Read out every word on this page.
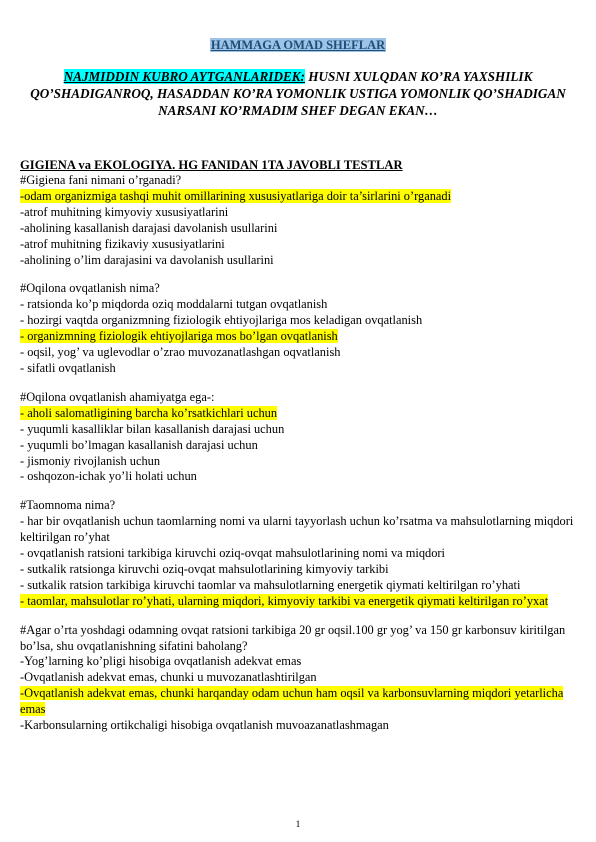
HAMMAGA OMAD SHEFLAR

NAJMIDDIN KUBRO AYTGANLARIDEK: HUSNI XULQDAN KO’RA YAXSHILIK QO’SHADIGANROQ, HASADDAN KO’RA YOMONLIK USTIGA YOMONLIK QO’SHADIGAN NARSANI KO’RMADIM SHEF DEGAN EKAN…

GIGIENA va EKOLOGIYA. HG FANIDAN 1TA JAVOBLI TESTLAR
#Gigiena fani nimani o’rganadi?
-odam organizmiga tashqi muhit omillarining xususiyatlariga doir ta’sirlarini o’rganadi
-atrof muhitning kimyoviy xususiyatlarini
-aholining kasallanish darajasi davolanish usullarini
-atrof muhitning fizikaviy xususiyatlarini
-aholining o’lim darajasini va davolanish usullarini
#Oqilona ovqatlanish nima?
- ratsionda ko’p miqdorda oziq moddalarni tutgan ovqatlanish
- hozirgi vaqtda organizmning fiziologik ehtiyojlariga mos keladigan ovqatlanish
- organizmning fiziologik ehtiyojlariga mos bo’lgan ovqatlanish
- oqsil, yog’ va uglevodlar o’zrao muvozanatlashgan oqvatlanish
- sifatli ovqatlanish
#Oqilona ovqatlanish ahamiyatga ega-:
- aholi salomatligining barcha ko’rsatkichlari uchun
- yuqumli kasalliklar bilan kasallanish darajasi uchun
- yuqumli bo’lmagan kasallanish darajasi uchun
- jismoniy rivojlanish uchun
- oshqozon-ichak yo’li holati uchun
#Taomnoma nima?
- har bir ovqatlanish uchun taomlarning nomi va ularni tayyorlash uchun ko’rsatma va mahsulotlarning miqdori keltirilgan ro’yhat
- ovqatlanish ratsioni tarkibiga kiruvchi oziq-ovqat mahsulotlarining nomi va miqdori
- sutkalik ratsionga kiruvchi oziq-ovqat mahsulotlarining kimyoviy tarkibi
- sutkalik ratsion tarkibiga kiruvchi taomlar va mahsulotlarning energetik qiymati keltirilgan ro’yhati
- taomlar, mahsulotlar ro’yhati, ularning miqdori, kimyoviy tarkibi va energetik qiymati keltirilgan ro’yxat
#Agar o’rta yoshdagi odamning ovqat ratsioni tarkibiga 20 gr oqsil.100 gr yog’ va 150 gr karbonsuv kiritilgan bo’lsa, shu ovqatlanishning sifatini baholang?
-Yog’larning ko’pligi hisobiga ovqatlanish adekvat emas
-Ovqatlanish adekvat emas, chunki u muvozanatlashtirilgan
-Ovqatlanish adekvat emas, chunki harqanday odam uchun ham oqsil va karbonsuvlarning miqdori yetarlicha emas
-Karbonsularning ortikchaligi hisobiga ovqatlanish muvoazanatlashmagan
1
